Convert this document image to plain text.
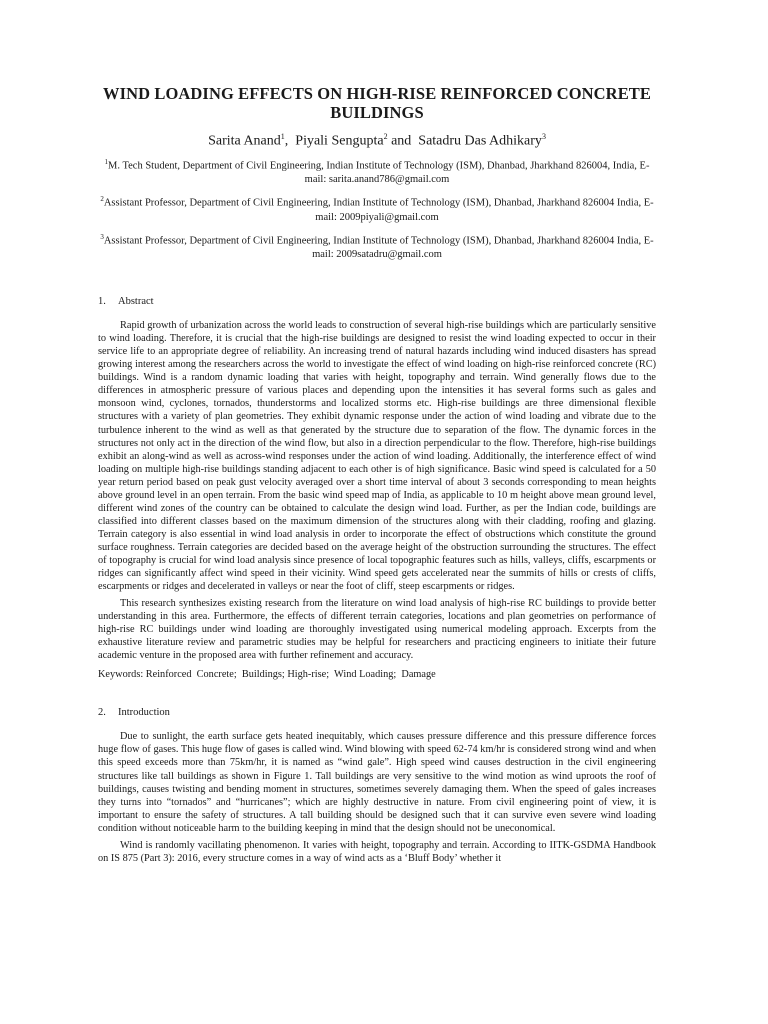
WIND LOADING EFFECTS ON HIGH-RISE REINFORCED CONCRETE BUILDINGS
Sarita Anand$^1$,  Piyali Sengupta$^2$ and  Satadru Das Adhikary$^3$
$^1$M. Tech Student, Department of Civil Engineering, Indian Institute of Technology (ISM), Dhanbad, Jharkhand 826004, India, E-mail: sarita.anand786@gmail.com
$^2$Assistant Professor, Department of Civil Engineering, Indian Institute of Technology (ISM), Dhanbad, Jharkhand 826004 India, E-mail: 2009piyali@gmail.com
$^3$Assistant Professor, Department of Civil Engineering, Indian Institute of Technology (ISM), Dhanbad, Jharkhand 826004 India, E-mail: 2009satadru@gmail.com
1. Abstract

Rapid growth of urbanization across the world leads to construction of several high-rise buildings which are particularly sensitive to wind loading. Therefore, it is crucial that the high-rise buildings are designed to resist the wind loading expected to occur in their service life to an appropriate degree of reliability. An increasing trend of natural hazards including wind induced disasters has spread growing interest among the researchers across the world to investigate the effect of wind loading on high-rise reinforced concrete (RC) buildings. Wind is a random dynamic loading that varies with height, topography and terrain. Wind generally flows due to the differences in atmospheric pressure of various places and depending upon the intensities it has several forms such as gales and monsoon wind, cyclones, tornados, thunderstorms and localized storms etc. High-rise buildings are three dimensional flexible structures with a variety of plan geometries. They exhibit dynamic response under the action of wind loading and vibrate due to the turbulence inherent to the wind as well as that generated by the structure due to separation of the flow. The dynamic forces in the structures not only act in the direction of the wind flow, but also in a direction perpendicular to the flow. Therefore, high-rise buildings exhibit an along-wind as well as across-wind responses under the action of wind loading. Additionally, the interference effect of wind loading on multiple high-rise buildings standing adjacent to each other is of high significance. Basic wind speed is calculated for a 50 year return period based on peak gust velocity averaged over a short time interval of about 3 seconds corresponding to mean heights above ground level in an open terrain. From the basic wind speed map of India, as applicable to 10 m height above mean ground level, different wind zones of the country can be obtained to calculate the design wind load. Further, as per the Indian code, buildings are classified into different classes based on the maximum dimension of the structures along with their cladding, roofing and glazing. Terrain category is also essential in wind load analysis in order to incorporate the effect of obstructions which constitute the ground surface roughness. Terrain categories are decided based on the average height of the obstruction surrounding the structures. The effect of topography is crucial for wind load analysis since presence of local topographic features such as hills, valleys, cliffs, escarpments or ridges can significantly affect wind speed in their vicinity. Wind speed gets accelerated near the summits of hills or crests of cliffs, escarpments or ridges and decelerated in valleys or near the foot of cliff, steep escarpments or ridges.

This research synthesizes existing research from the literature on wind load analysis of high-rise RC buildings to provide better understanding in this area. Furthermore, the effects of different terrain categories, locations and plan geometries on performance of high-rise RC buildings under wind loading are thoroughly investigated using numerical modeling approach. Excerpts from the exhaustive literature review and parametric studies may be helpful for researchers and practicing engineers to initiate their future academic venture in the proposed area with further refinement and accuracy.

Keywords: Reinforced  Concrete;  Buildings; High-rise;  Wind Loading;  Damage
2. Introduction

Due to sunlight, the earth surface gets heated inequitably, which causes pressure difference and this pressure difference forces huge flow of gases. This huge flow of gases is called wind. Wind blowing with speed 62-74 km/hr is considered strong wind and when this speed exceeds more than 75km/hr, it is named as “wind gale”. High speed wind causes destruction in the civil engineering structures like tall buildings as shown in Figure 1. Tall buildings are very sensitive to the wind motion as wind uproots the roof of buildings, causes twisting and bending moment in structures, sometimes severely damaging them. When the speed of gales increases they turns into “tornados” and “hurricanes”; which are highly destructive in nature. From civil engineering point of view, it is important to ensure the safety of structures. A tall building should be designed such that it can survive even severe wind loading condition without noticeable harm to the building keeping in mind that the design should not be uneconomical.

Wind is randomly vacillating phenomenon. It varies with height, topography and terrain. According to IITK-GSDMA Handbook on IS 875 (Part 3): 2016, every structure comes in a way of wind acts as a ‘Bluff Body’ whether it
